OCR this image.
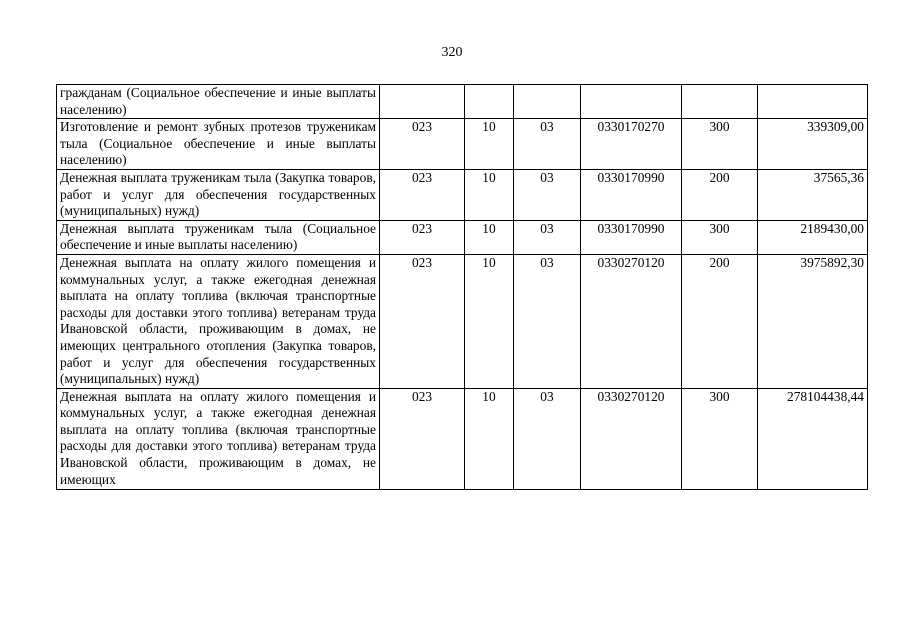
320
гражданам (Социальное обеспечение и иные выплаты населению)						
Изготовление и ремонт зубных протезов труженикам тыла (Социальное обеспечение и иные выплаты населению)	023	10	03	0330170270	300	339309,00
Денежная выплата труженикам тыла (Закупка товаров, работ и услуг для обеспечения государственных (муниципальных) нужд)	023	10	03	0330170990	200	37565,36
Денежная выплата труженикам тыла (Социальное обеспечение и иные выплаты населению)	023	10	03	0330170990	300	2189430,00
Денежная выплата на оплату жилого помещения и коммунальных услуг, а также ежегодная денежная выплата на оплату топлива (включая транспортные расходы для доставки этого топлива) ветеранам труда Ивановской области, проживающим в домах, не имеющих центрального отопления (Закупка товаров, работ и услуг для обеспечения государственных (муниципальных) нужд)	023	10	03	0330270120	200	3975892,30

Денежная выплата на оплату жилого помещения и коммунальных услуг, а также ежегодная денежная выплата на оплату топлива (включая транспортные расходы для доставки этого топлива) ветеранам труда Ивановской области, проживающим в домах, не имеющих	023	10	03	0330270120	300	278104438,44
